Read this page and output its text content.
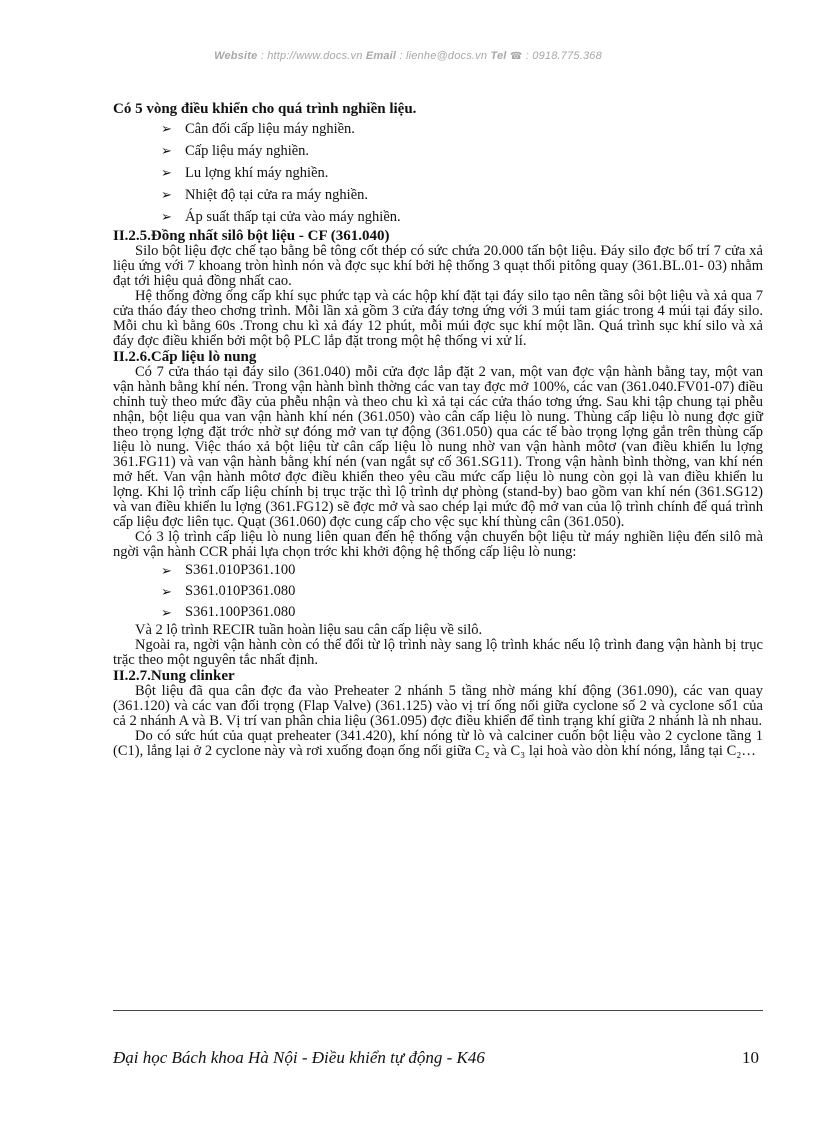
Website : http://www.docs.vn Email : lienhe@docs.vn Tel ☎ : 0918.775.368

Có 5 vòng điều khiển cho quá trình nghiền liệu.

➢ Cân đối cấp liệu máy nghiền.
➢ Cấp liệu máy nghiền.
➢ Lu lợng khí máy nghiền.
➢ Nhiệt độ tại cửa ra máy nghiền.
➢ Áp suất thấp tại cửa vào máy nghiền.

II.2.5.Đồng nhất silô bột liệu - CF (361.040)

Silo bột liệu đợc chế tạo bằng bê tông cốt thép có sức chứa 20.000 tấn bột liệu. Đáy silo đợc bố trí 7 cửa xả liệu ứng với 7 khoang tròn hình nón và đợc sục khí bởi hệ thống 3 quạt thổi pitông quay (361.BL.01- 03) nhằm đạt tới hiệu quả đồng nhất cao.

Hệ thống đờng ống cấp khí sục phức tạp và các hộp khí đặt tại đáy silo tạo nên tầng sôi bột liệu và xả qua 7 cửa tháo đáy theo chơng trình. Mỗi lần xả gồm 3 cửa đáy tơng ứng với 3 múi tam giác trong 4 múi tại đáy silo. Mỗi chu kì bằng 60s .Trong chu kì xả đáy 12 phút, mỗi múi đợc sục khí một lần. Quá trình sục khí silo và xả đáy đợc điều khiển bởi một bộ PLC lắp đặt trong một hệ thống vi xử lí.

II.2.6.Cấp liệu lò nung

Có 7 cửa tháo tại đáy silo (361.040) mỗi cửa đợc lắp đặt 2 van, một van đợc vận hành bằng tay, một van vận hành bằng khí nén. Trong vận hành bình thờng các van tay đợc mở 100%, các van (361.040.FV01-07) điều chỉnh tuỳ theo mức đầy của phễu nhận và theo chu kì xả tại các cửa tháo tơng ứng. Sau khi tập chung tại phễu nhận, bột liệu qua van vận hành khí nén (361.050) vào cân cấp liệu lò nung. Thùng cấp liệu lò nung đợc giữ theo trọng lợng đặt trớc nhờ sự đóng mở van tự động (361.050) qua các tế bào trọng lợng gắn trên thùng cấp liệu lò nung. Việc tháo xả bột liệu từ cân cấp liệu lò nung nhờ van vận hành môtơ (van điều khiển lu lợng 361.FG11) và van vận hành bằng khí nén (van ngắt sự cố 361.SG11). Trong vận hành bình thờng, van khí nén mở hết. Van vận hành môtơ đợc điều khiển theo yêu cầu mức cấp liệu lò nung còn gọi là van điều khiển lu lợng. Khi lộ trình cấp liệu chính bị trục trặc thì lộ trình dự phòng (stand-by) bao gồm van khí nén (361.SG12) và van điều khiển lu lợng (361.FG12) sẽ đợc mở và sao chép lại mức độ mở van của lộ trình chính để quá trình cấp liệu đợc liên tục. Quạt (361.060) đợc cung cấp cho vệc sục khí thùng cân (361.050).

Có 3 lộ trình cấp liệu lò nung liên quan đến hệ thống vận chuyển bột liệu từ máy nghiền liệu đến silô mà ngời vận hành CCR phải lựa chọn trớc khi khởi động hệ thống cấp liệu lò nung:

➢ S361.010P361.100
➢ S361.010P361.080
➢ S361.100P361.080

Và 2 lộ trình RECIR tuần hoàn liệu sau cân cấp liệu về silô.

Ngoài ra, ngời vận hành còn có thể đổi từ lộ trình này sang lộ trình khác nếu lộ trình đang vận hành bị trục trặc theo một nguyên tắc nhất định.

II.2.7.Nung clinker

Bột liệu đã qua cân đợc đa vào Preheater 2 nhánh 5 tầng nhờ máng khí động (361.090), các van quay (361.120) và các van đối trọng (Flap Valve) (361.125) vào vị trí ống nối giữa cyclone số 2 và cyclone số1 của cả 2 nhánh A và B. Vị trí van phân chia liệu (361.095) đợc điều khiển để tình trạng khí giữa 2 nhánh là nh nhau.

Do có sức hút của quạt preheater (341.420), khí nóng từ lò và calciner cuốn bột liệu vào 2 cyclone tầng 1 (C1), lắng lại ở 2 cyclone này và rơi xuống đoạn ống nối giữa C₂ và C₃ lại hoà vào dòn khí nóng, lắng tại C₂…

Đại học Bách khoa Hà Nội - Điều khiển tự động - K46	10
